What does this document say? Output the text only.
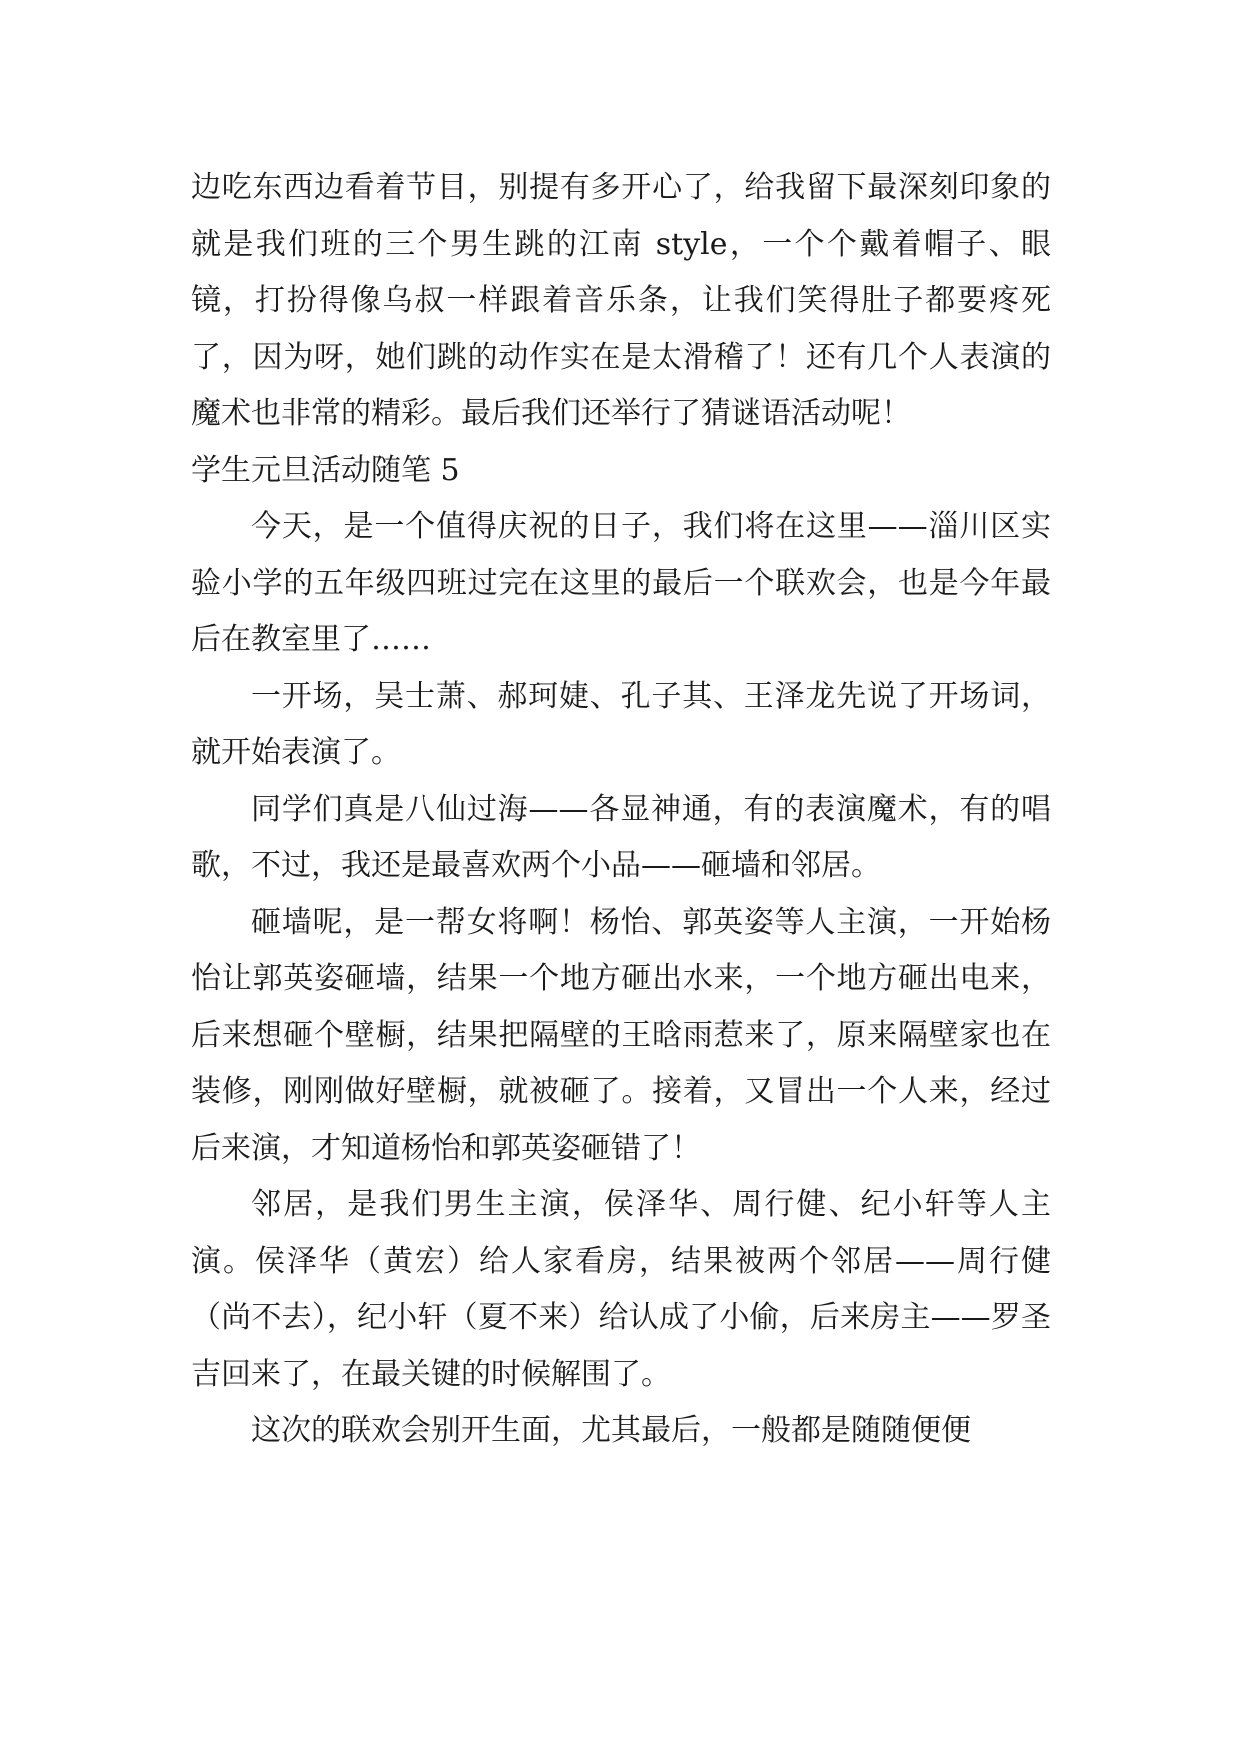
边吃东西边看着节目，别提有多开心了，给我留下最深刻印象的就是我们班的三个男生跳的江南 style，一个个戴着帽子、眼镜，打扮得像乌叔一样跟着音乐条，让我们笑得肚子都要疼死了，因为呀，她们跳的动作实在是太滑稽了！还有几个人表演的魔术也非常的精彩。最后我们还举行了猜谜语活动呢！

学生元旦活动随笔 5

今天，是一个值得庆祝的日子，我们将在这里——淄川区实验小学的五年级四班过完在这里的最后一个联欢会，也是今年最后在教室里了……

一开场，吴士萧、郝珂婕、孔子其、王泽龙先说了开场词，就开始表演了。

同学们真是八仙过海——各显神通，有的表演魔术，有的唱歌，不过，我还是最喜欢两个小品——砸墙和邻居。

砸墙呢，是一帮女将啊！杨怡、郭英姿等人主演，一开始杨怡让郭英姿砸墙，结果一个地方砸出水来，一个地方砸出电来，后来想砸个壁橱，结果把隔壁的王晗雨惹来了，原来隔壁家也在装修，刚刚做好壁橱，就被砸了。接着，又冒出一个人来，经过后来演，才知道杨怡和郭英姿砸错了！

邻居，是我们男生主演，侯泽华、周行健、纪小轩等人主演。侯泽华（黄宏）给人家看房，结果被两个邻居——周行健（尚不去），纪小轩（夏不来）给认成了小偷，后来房主——罗圣吉回来了，在最关键的时候解围了。

这次的联欢会别开生面，尤其最后，一般都是随随便便
